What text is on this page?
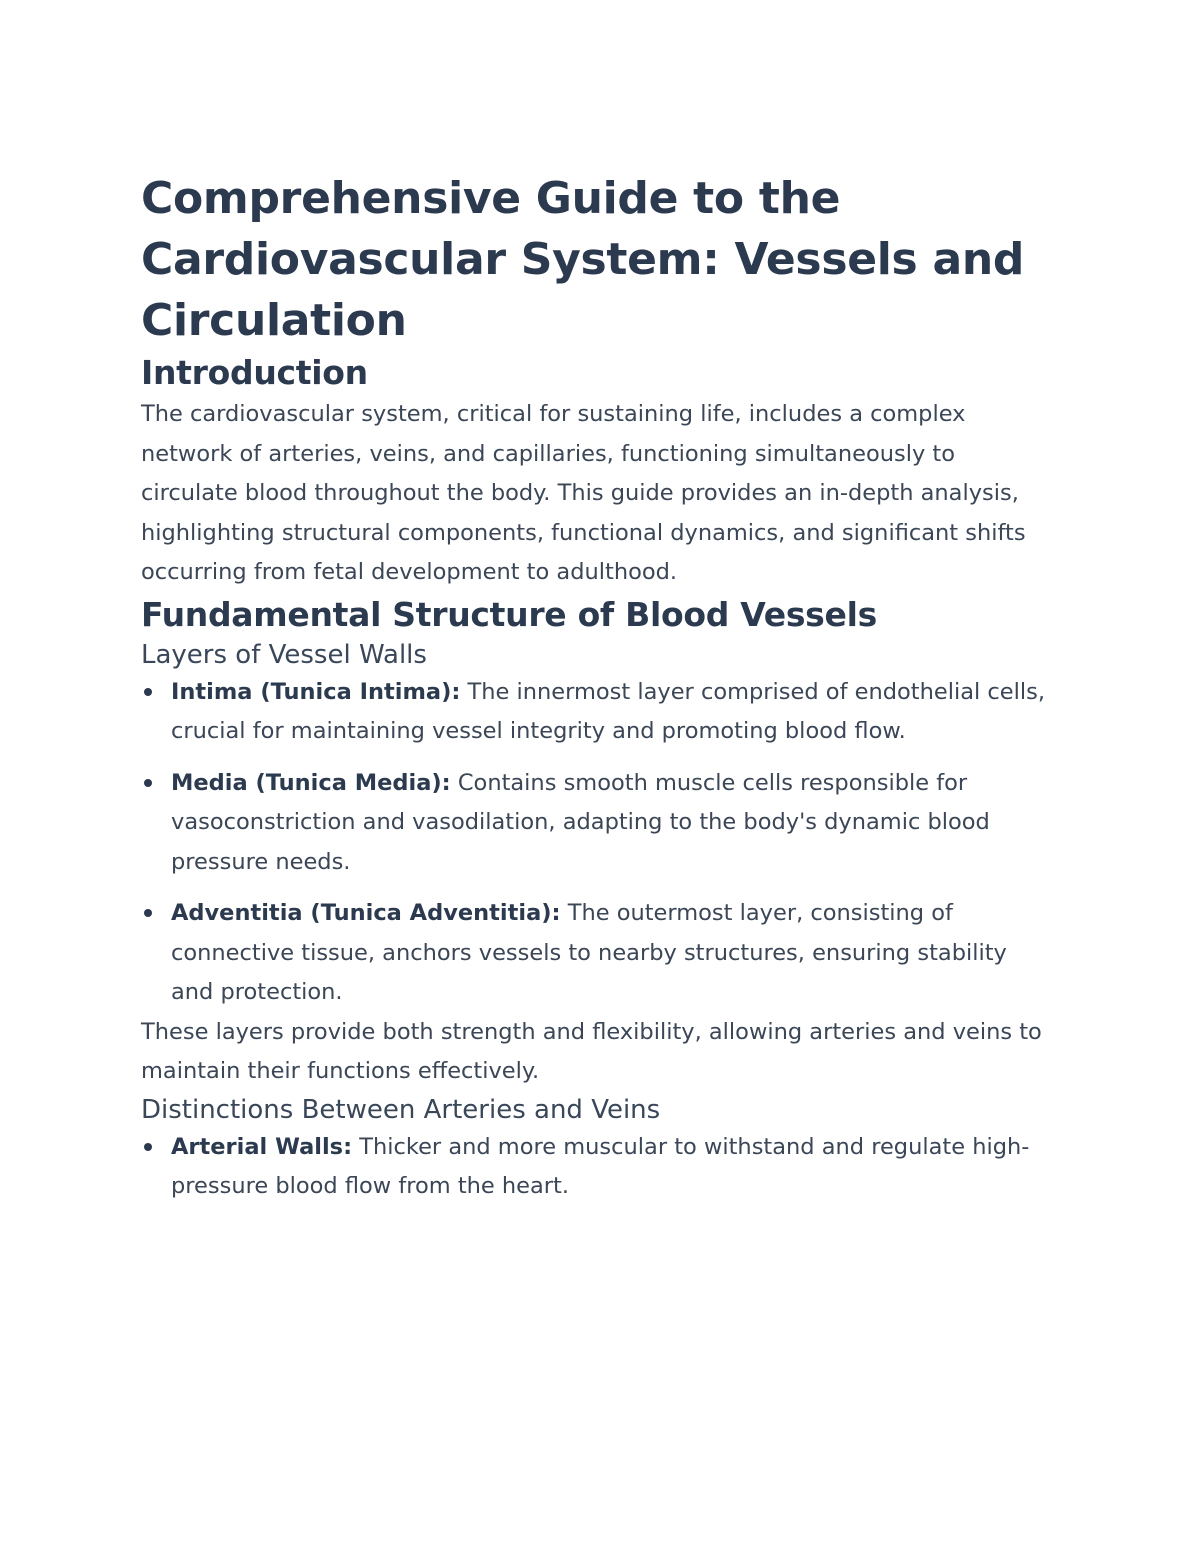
Comprehensive Guide to the Cardiovascular System: Vessels and Circulation
Introduction

The cardiovascular system, critical for sustaining life, includes a complex network of arteries, veins, and capillaries, functioning simultaneously to circulate blood throughout the body. This guide provides an in-depth analysis, highlighting structural components, functional dynamics, and significant shifts occurring from fetal development to adulthood.

Fundamental Structure of Blood Vessels
Layers of Vessel Walls
Intima (Tunica Intima): The innermost layer comprised of endothelial cells, crucial for maintaining vessel integrity and promoting blood flow.
Media (Tunica Media): Contains smooth muscle cells responsible for vasoconstriction and vasodilation, adapting to the body's dynamic blood pressure needs.
Adventitia (Tunica Adventitia): The outermost layer, consisting of connective tissue, anchors vessels to nearby structures, ensuring stability and protection.

These layers provide both strength and flexibility, allowing arteries and veins to maintain their functions effectively.

Distinctions Between Arteries and Veins
Arterial Walls: Thicker and more muscular to withstand and regulate high-pressure blood flow from the heart.
